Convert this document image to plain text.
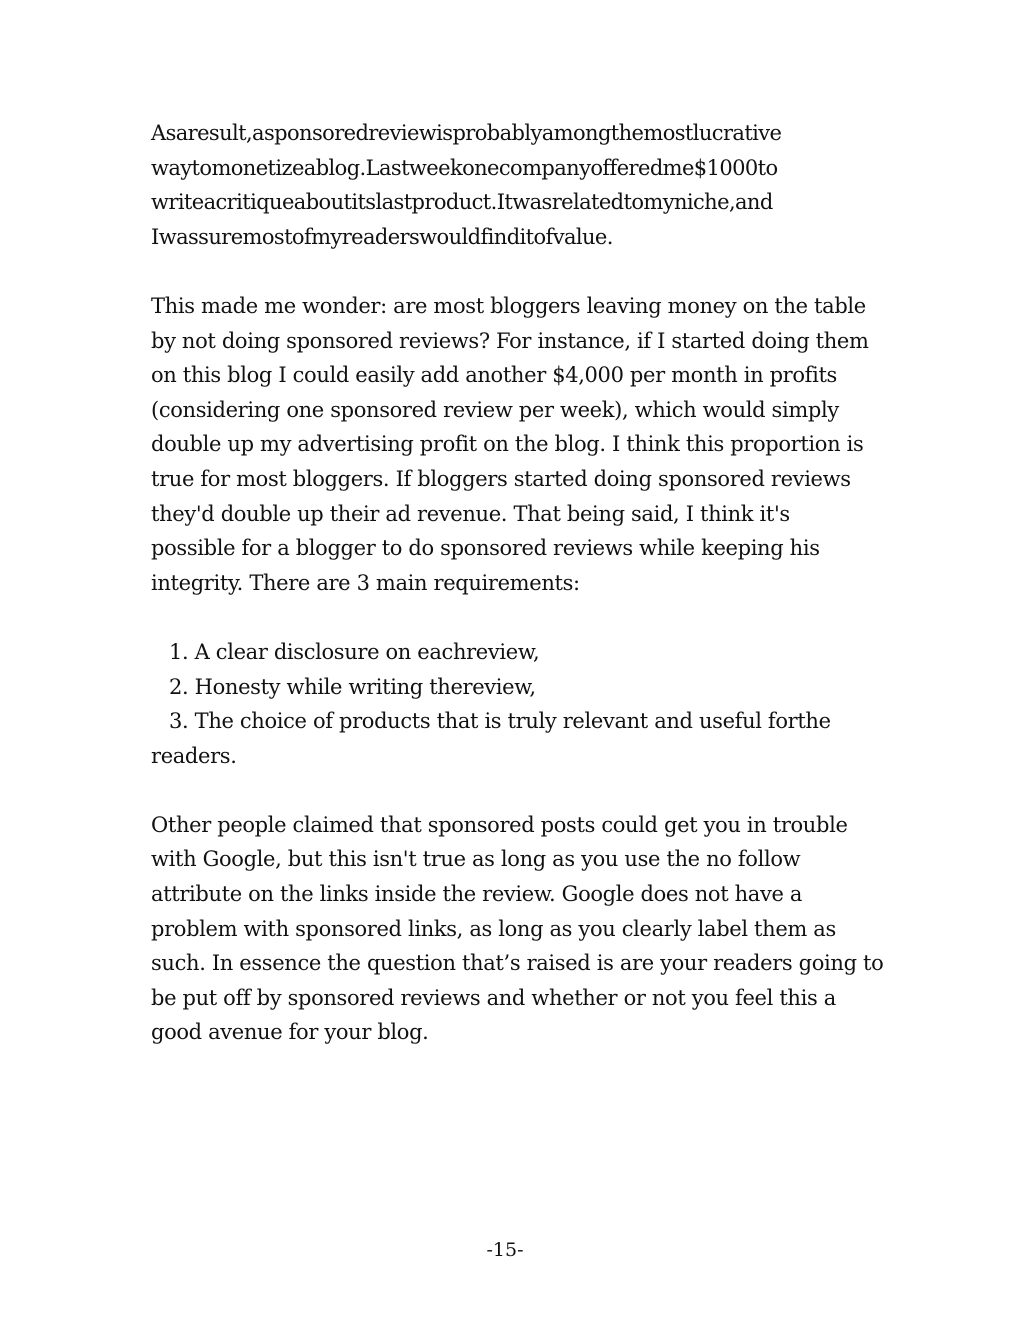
Asaresult,asponsoredreviewisprobablyamongthemostlucrative
waytomonetizeablog.Lastweekonecompanyofferedme$1000to
writeacritiqueaboutitslastproduct.Itwasrelatedtomyniche,and
Iwassuremostofmyreaderswouldfinditofvalue.
This made me wonder: are most bloggers leaving money on the table
by not doing sponsored reviews? For instance, if I started doing them
on this blog I could easily add another $4,000 per month in profits
(considering one sponsored review per week), which would simply
double up my advertising profit on the blog. I think this proportion is
true for most bloggers. If bloggers started doing sponsored reviews
they'd double up their ad revenue. That being said, I think it's
possible for a blogger to do sponsored reviews while keeping his
integrity. There are 3 main requirements:
1. A clear disclosure on eachreview,
2. Honesty while writing thereview,
3. The choice of products that is truly relevant and useful forthe
readers.
Other people claimed that sponsored posts could get you in trouble
with Google, but this isn't true as long as you use the no follow
attribute on the links inside the review. Google does not have a
problem with sponsored links, as long as you clearly label them as
such. In essence the question that’s raised is are your readers going to
be put off by sponsored reviews and whether or not you feel this a
good avenue for your blog.
-15-
